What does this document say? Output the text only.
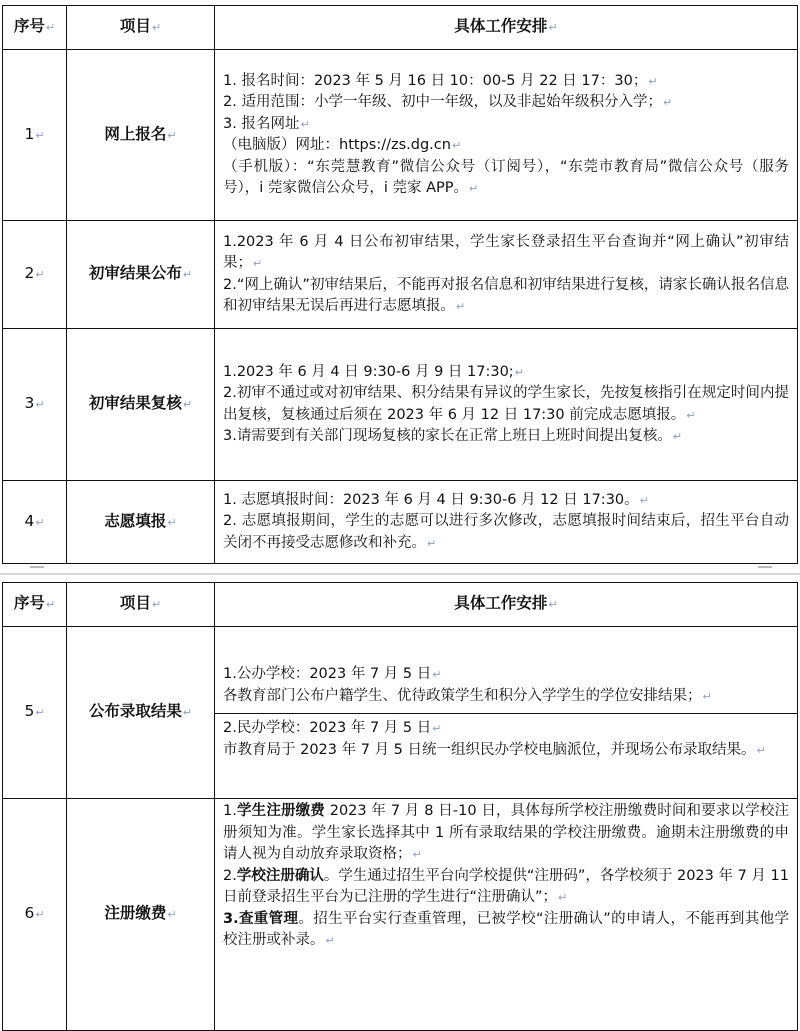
序号↵	项目↵	具体工作安排↵
1↵	网上报名↵	1. 报名时间：2023 年 5 月 16 日 10：00-5 月 22 日 17：30；↵
2. 适用范围：小学一年级、初中一年级，以及非起始年级积分入学；↵
3. 报名网址↵
（电脑版）网址：https://zs.dg.cn↵
（手机版）：“东莞慧教育”微信公众号（订阅号），“东莞市教育局”微信公众号（服务号），i 莞家微信公众号，i 莞家 APP。↵

2↵	初审结果公布↵	1.2023 年 6 月 4 日公布初审结果，学生家长登录招生平台查询并“网上确认”初审结果；↵
2.“网上确认”初审结果后，不能再对报名信息和初审结果进行复核，请家长确认报名信息和初审结果无误后再进行志愿填报。↵

3↵	初审结果复核↵	1.2023 年 6 月 4 日 9:30-6 月 9 日 17:30;↵
2.初审不通过或对初审结果、积分结果有异议的学生家长，先按复核指引在规定时间内提出复核，复核通过后须在 2023 年 6 月 12 日 17:30 前完成志愿填报。↵
3.请需要到有关部门现场复核的家长在正常上班日上班时间提出复核。↵

4↵	志愿填报↵	1. 志愿填报时间：2023 年 6 月 4 日 9:30-6 月 12 日 17:30。↵
2. 志愿填报期间，学生的志愿可以进行多次修改，志愿填报时间结束后，招生平台自动关闭不再接受志愿修改和补充。↵
序号↵	项目↵	具体工作安排↵
5↵	公布录取结果↵	1.公办学校：2023 年 7 月 5 日↵
各教育部门公布户籍学生、优待政策学生和积分入学学生的学位安排结果；↵
2.民办学校：2023 年 7 月 5 日↵
市教育局于 2023 年 7 月 5 日统一组织民办学校电脑派位，并现场公布录取结果。↵

6↵	注册缴费↵	1.学生注册缴费 2023 年 7 月 8 日-10 日，具体每所学校注册缴费时间和要求以学校注册须知为准。学生家长选择其中 1 所有录取结果的学校注册缴费。逾期未注册缴费的申请人视为自动放弃录取资格；↵
2.学校注册确认。学生通过招生平台向学校提供“注册码”，各学校须于 2023 年 7 月 11 日前登录招生平台为已注册的学生进行“注册确认”；↵
3.查重管理。招生平台实行查重管理，已被学校“注册确认”的申请人，不能再到其他学校注册或补录。↵
